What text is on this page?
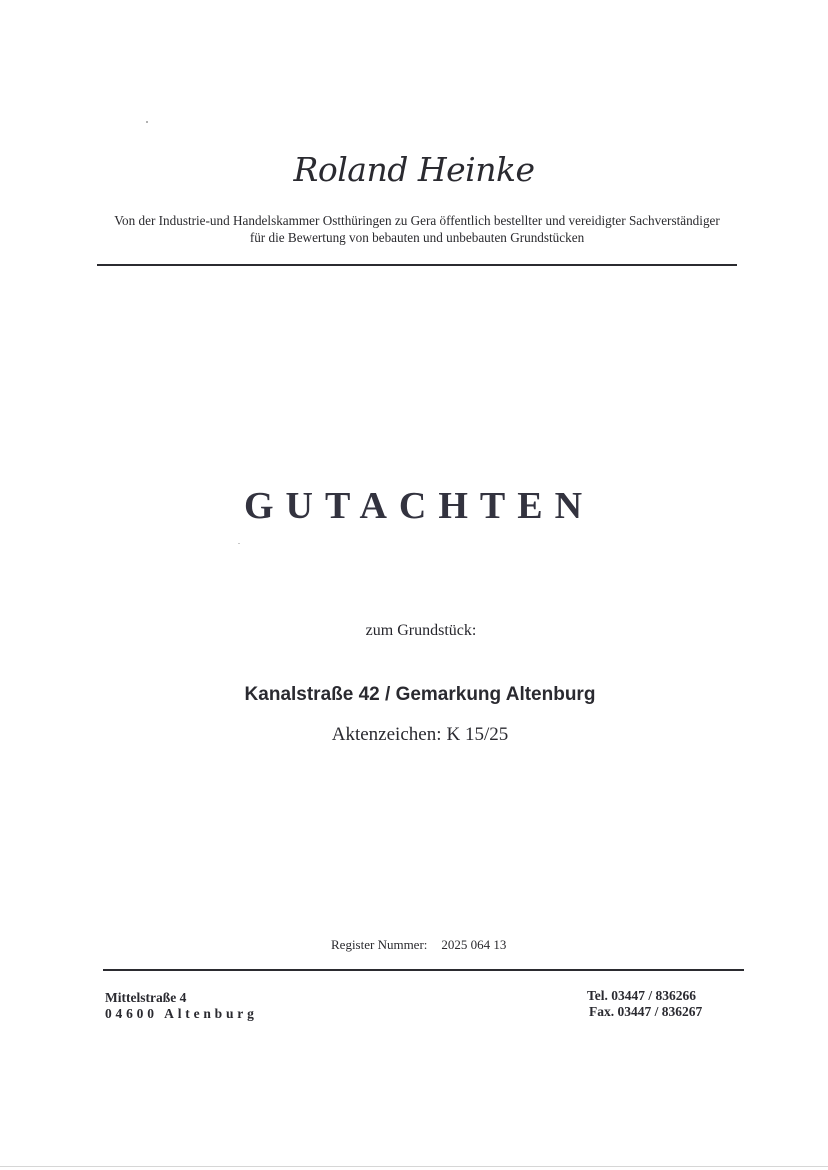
Roland Heinke
Von der Industrie-und Handelskammer Ostthüringen zu Gera öffentlich bestellter und vereidigter Sachverständiger
für die Bewertung von bebauten und unbebauten Grundstücken
GUTACHTEN
zum Grundstück:
Kanalstraße 42 / Gemarkung Altenburg
Aktenzeichen: K 15/25
Register Nummer: 2025 064 13
Mittelstraße 4
04600 Altenburg
Tel. 03447 / 836266
Fax. 03447 / 836267
